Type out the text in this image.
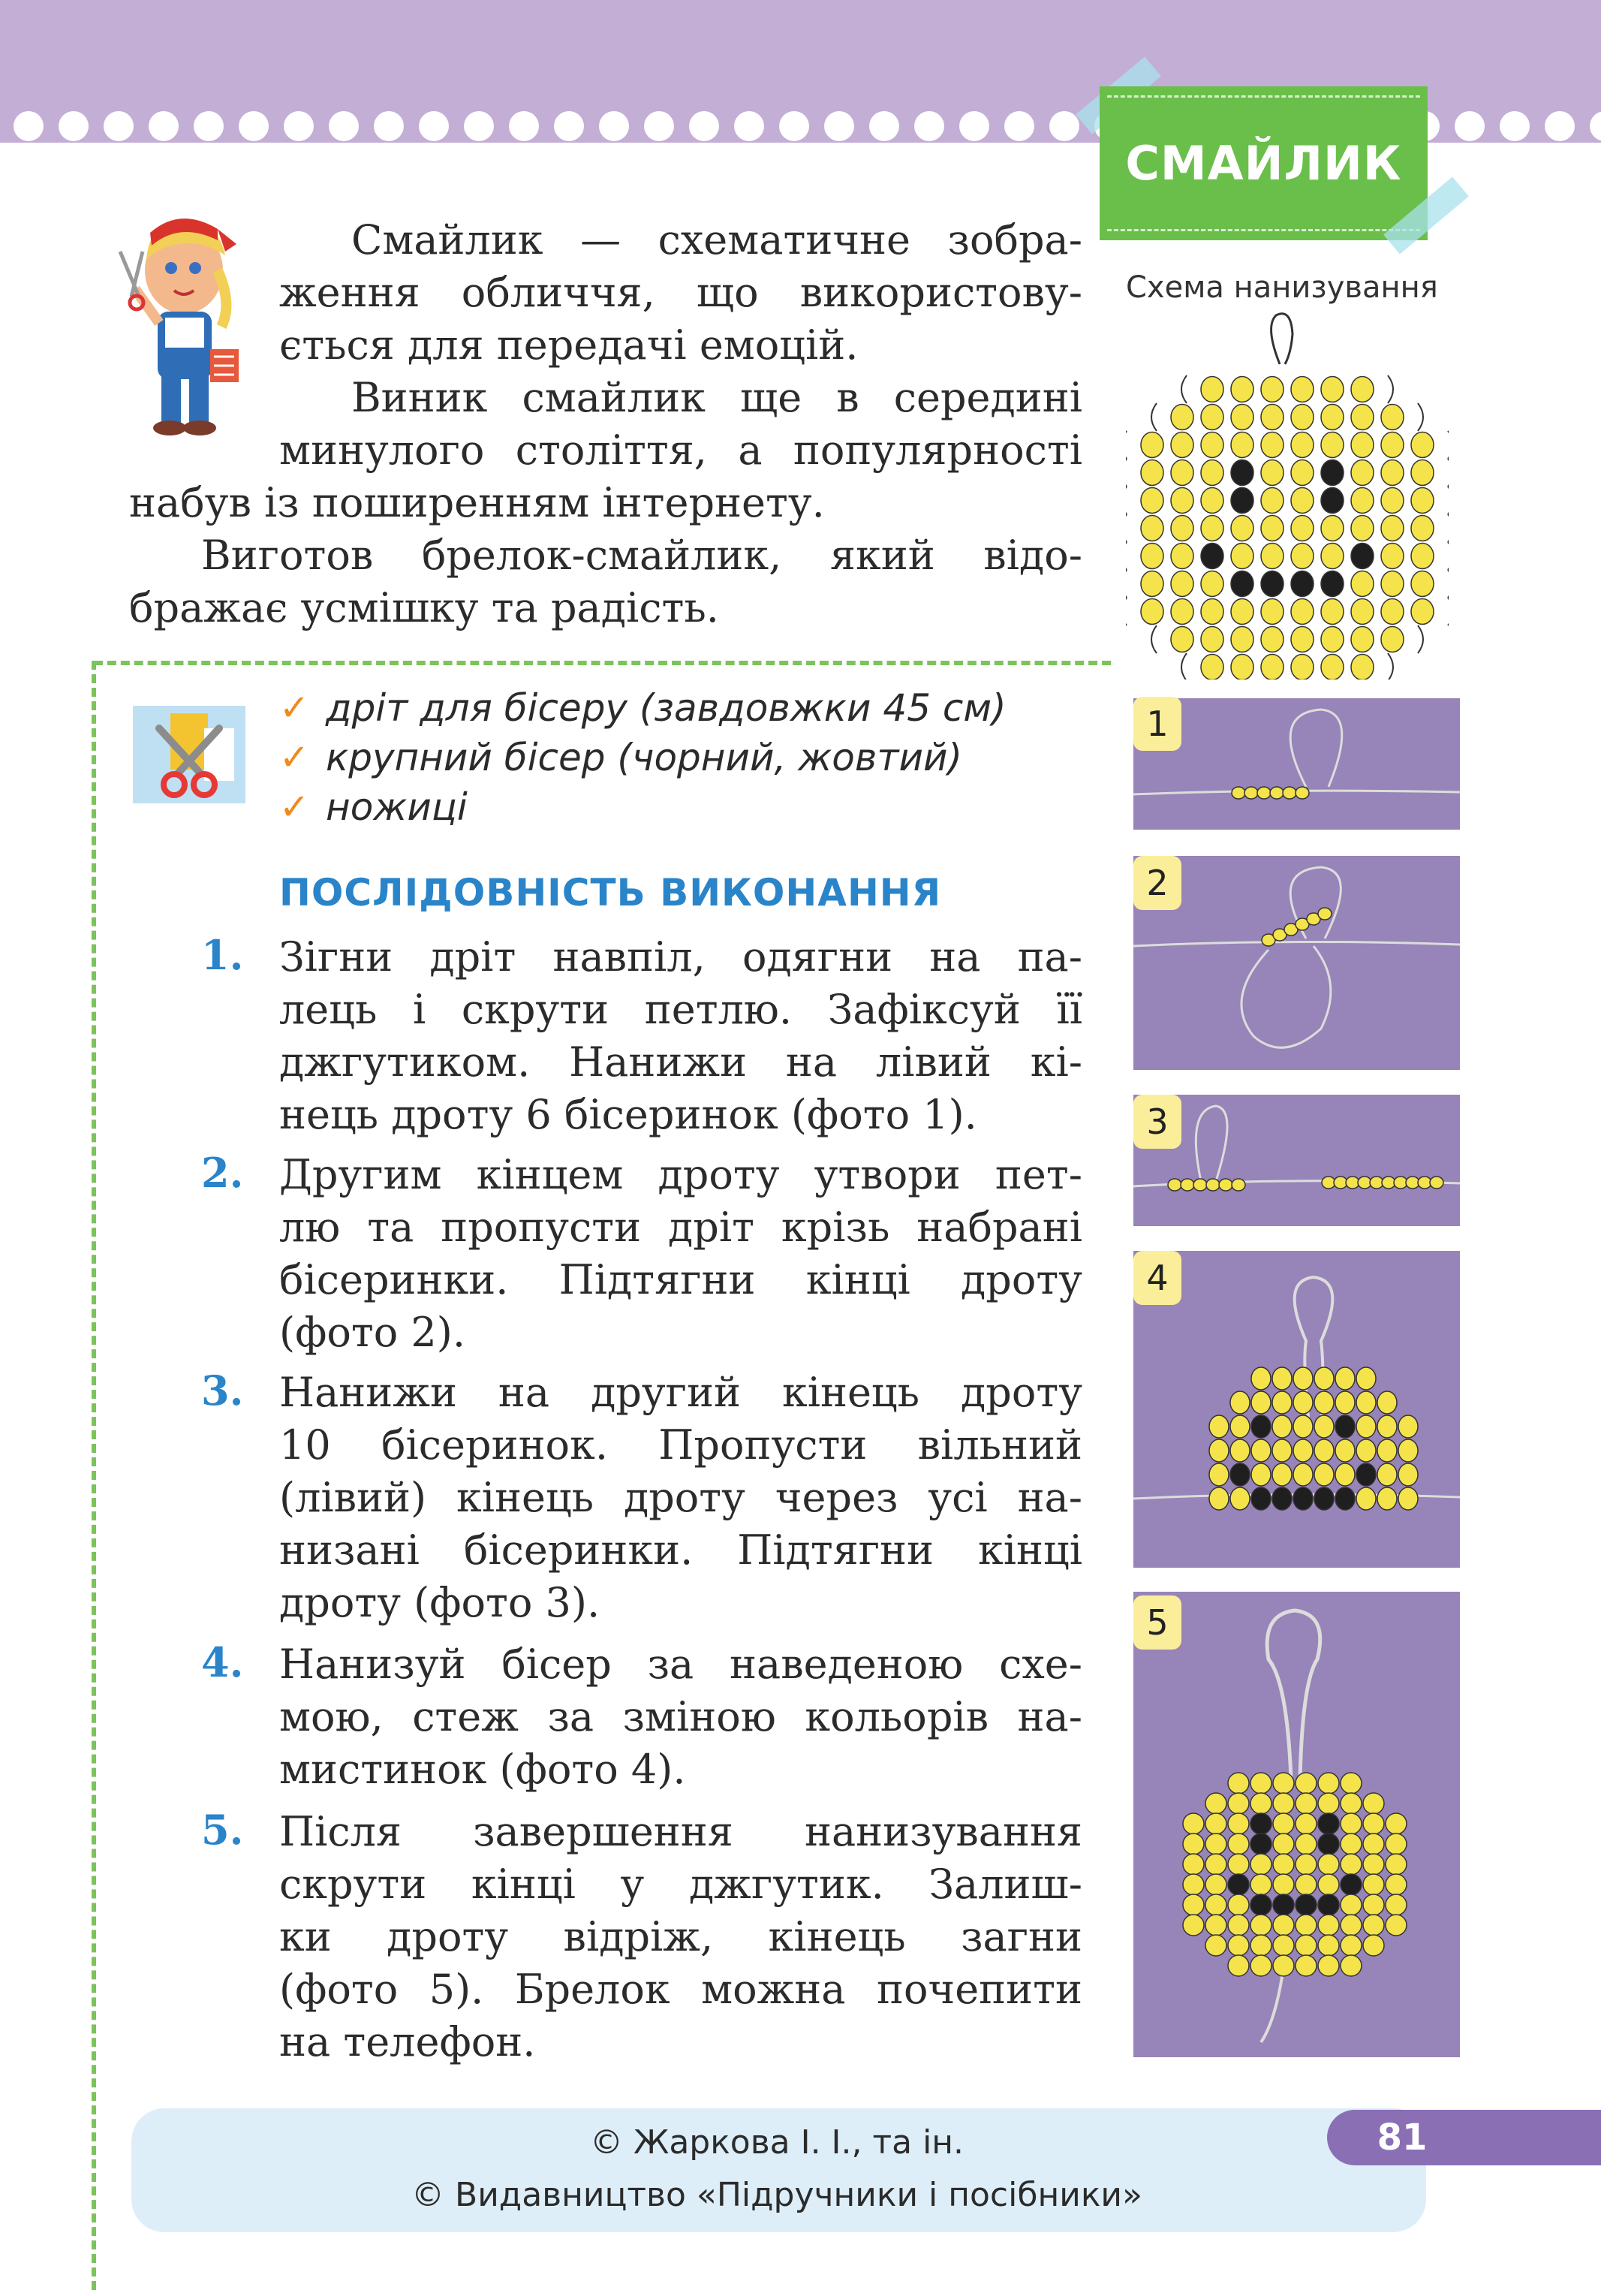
СМАЙЛИК

Смайлик — схематичне зобра-

ження обличчя, що використову-

ється для передачі емоцій.

Виник смайлик ще в середині

минулого століття, а популярності

набув із поширенням інтернету.

Виготов брелок-смайлик, який відо-

бражає усмішку та радість.

Схема нанизування
✓ дріт для бісеру (завдовжки 45 см)
✓ крупний бісер (чорний, жовтий)
✓ ножиці
ПОСЛІДОВНІСТЬ ВИКОНАННЯ
1. Зігни дріт навпіл, одягни на па-
лець і скрути петлю. Зафіксуй її
джгутиком. Нанижи на лівий кі-
нець дроту 6 бісеринок (фото 1).
2. Другим кінцем дроту утвори пет-
лю та пропусти дріт крізь набрані
бісеринки. Підтягни кінці дроту
(фото 2).
3. Нанижи на другий кінець дроту
10 бісеринок. Пропусти вільний
(лівий) кінець дроту через усі на-
низані бісеринки. Підтягни кінці
дроту (фото 3).
4. Нанизуй бісер за наведеною схе-
мою, стеж за зміною кольорів на-
мистинок (фото 4).
5. Після завершення нанизування
скрути кінці у джгутик. Залиш-
ки дроту відріж, кінець загни
(фото 5). Брелок можна почепити
на телефон.
1
2
3
4
5
© Жаркова І. І., та ін.
© Видавництво «Підручники і посібники»
81
